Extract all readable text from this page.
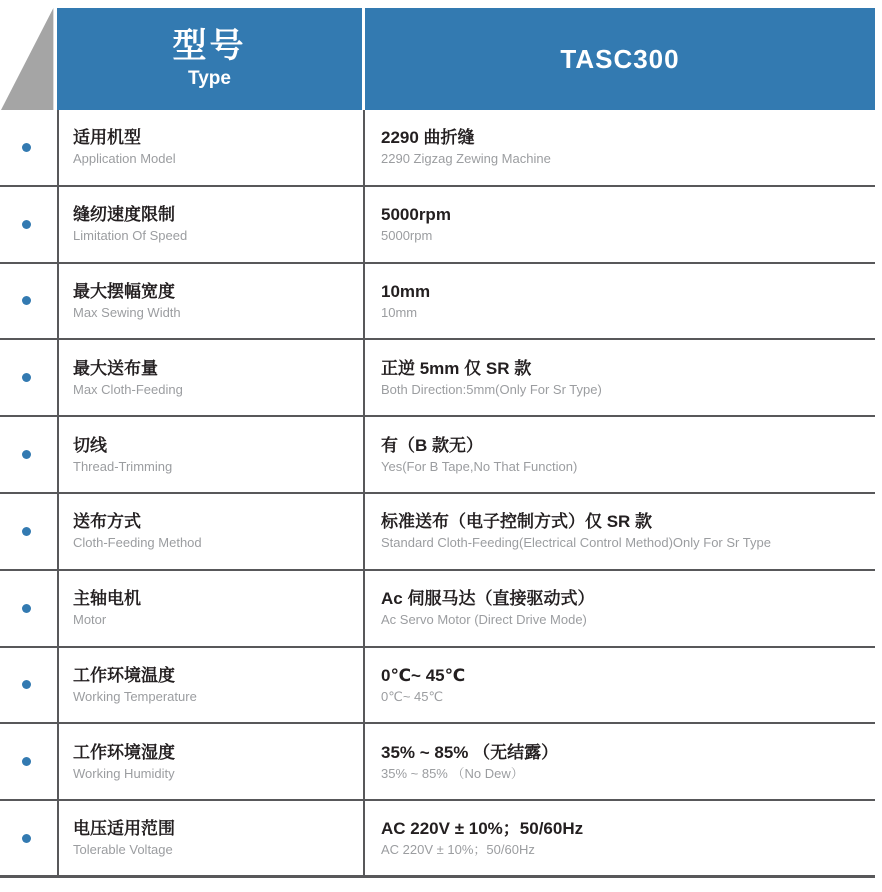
型号
Type
TASC300
适用机型
Application Model
2290 曲折缝
2290 Zigzag Zewing Machine
缝纫速度限制
Limitation Of Speed
5000rpm
5000rpm
最大摆幅宽度
Max Sewing Width
10mm
10mm
最大送布量
Max Cloth-Feeding
正逆 5mm 仅 SR 款
Both Direction:5mm(Only For Sr Type)
切线
Thread-Trimming
有（B 款无）
Yes(For B Tape,No That Function)
送布方式
Cloth-Feeding Method
标准送布（电子控制方式）仅 SR 款
Standard Cloth-Feeding(Electrical Control Method)Only For Sr Type
主轴电机
Motor
Ac 伺服马达（直接驱动式）
Ac Servo Motor (Direct Drive Mode)
工作环境温度
Working Temperature
0℃~ 45℃
0℃~ 45℃
工作环境湿度
Working Humidity
35% ~ 85% （无结露）
35% ~ 85% （No Dew）
电压适用范围
Tolerable Voltage
AC 220V ± 10%；50/60Hz
AC 220V ± 10%；50/60Hz
